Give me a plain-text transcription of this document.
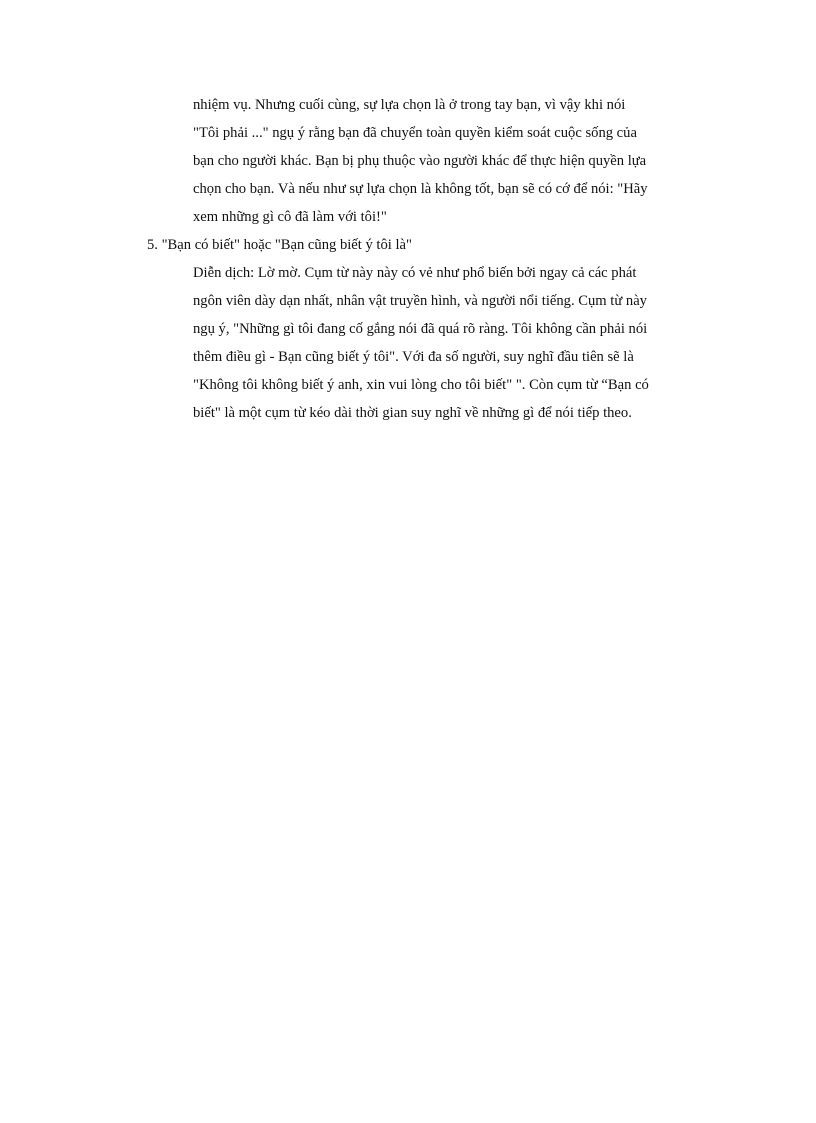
nhiệm vụ. Nhưng cuối cùng, sự lựa chọn là ở trong tay bạn, vì vậy khi nói
"Tôi phải ..." ngụ ý rằng bạn đã chuyển toàn quyền kiểm soát cuộc sống của
bạn cho người khác. Bạn bị phụ thuộc vào người khác để thực hiện quyền lựa
chọn cho bạn. Và nếu như sự lựa chọn là không tốt, bạn sẽ có cớ để nói: "Hãy
xem những gì cô đã làm với tôi!"
5. "Bạn có biết" hoặc "Bạn cũng biết ý tôi là"
Diễn dịch: Lờ mờ. Cụm từ này này có vẻ như phổ biến bởi ngay cả các phát
ngôn viên dày dạn nhất, nhân vật truyền hình, và người nổi tiếng. Cụm từ này
ngụ ý, "Những gì tôi đang cố gắng nói đã quá rõ ràng. Tôi không cần phải nói
thêm điều gì - Bạn cũng biết ý tôi". Với đa số người, suy nghĩ đầu tiên sẽ là
"Không tôi không biết ý anh, xin vui lòng cho tôi biết" ". Còn cụm từ “Bạn có
biết" là một cụm từ kéo dài thời gian suy nghĩ về những gì để nói tiếp theo.
